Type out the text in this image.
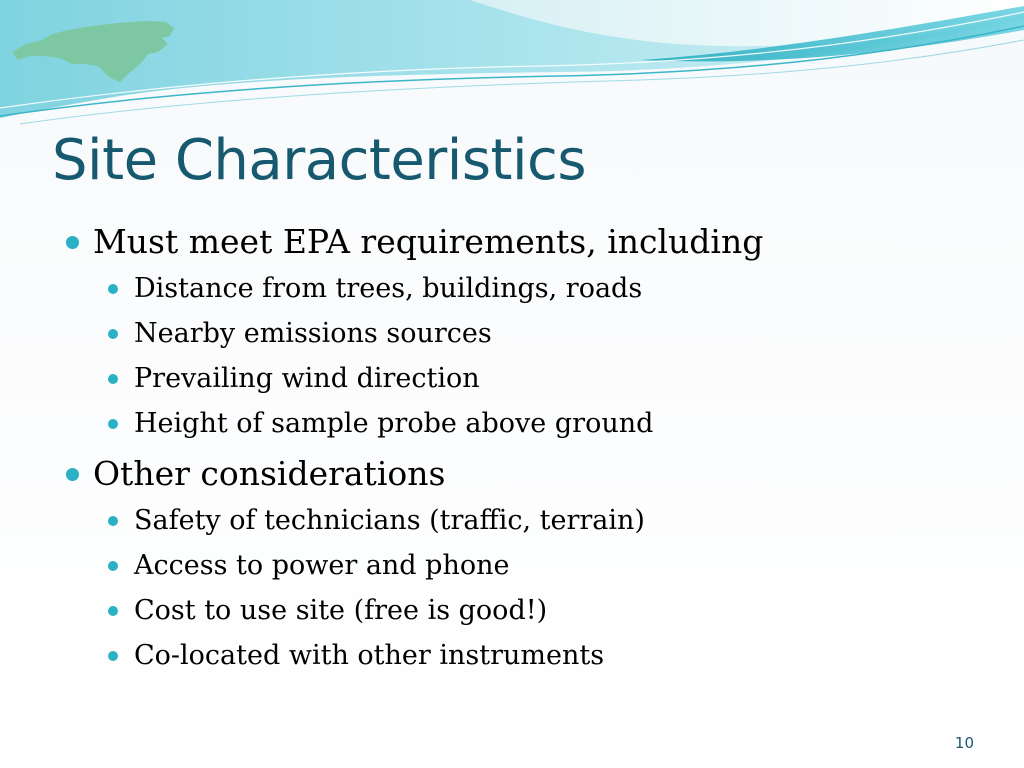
Site Characteristics
Must meet EPA requirements, including
Distance from trees, buildings, roads
Nearby emissions sources
Prevailing wind direction
Height of sample probe above ground
Other considerations
Safety of technicians (traffic, terrain)
Access to power and phone
Cost to use site (free is good!)
Co-located with other instruments
10
